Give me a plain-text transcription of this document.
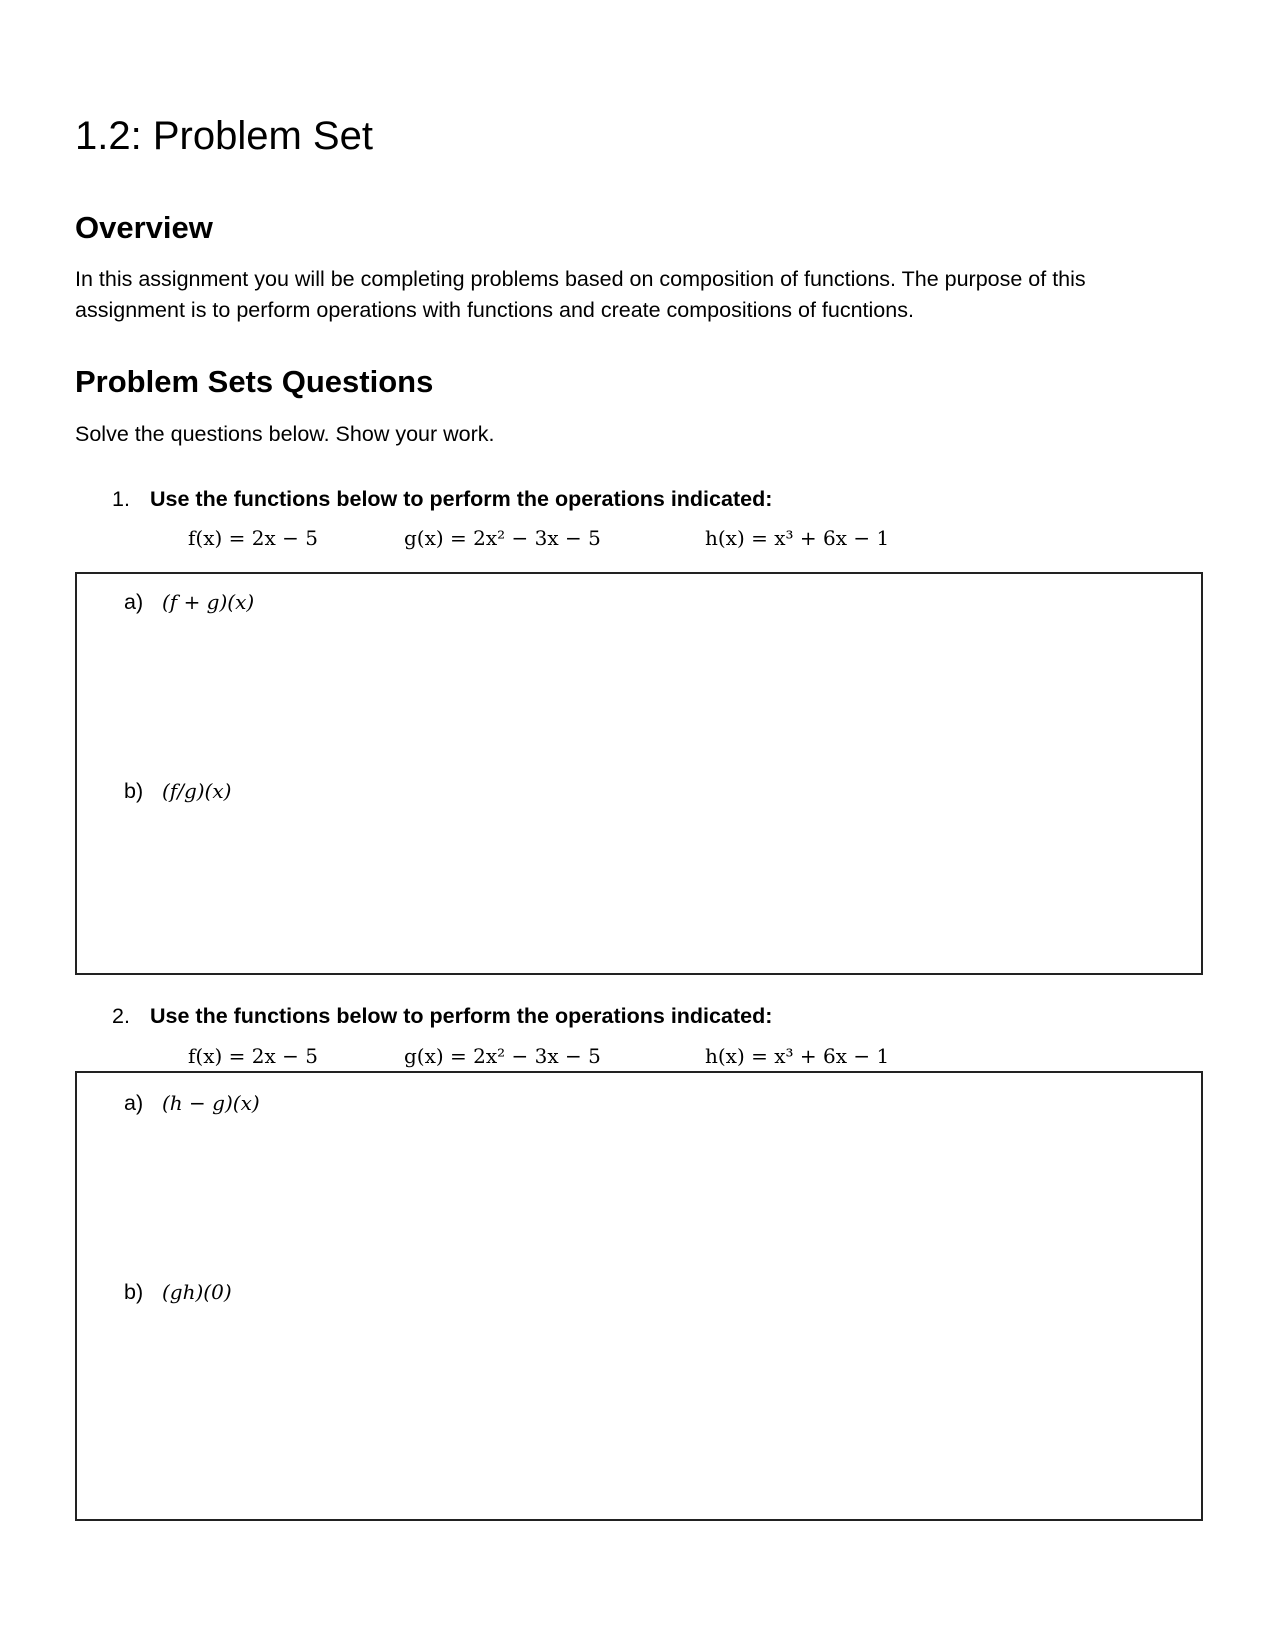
1.2: Problem Set
Overview

In this assignment you will be completing problems based on composition of functions. The purpose of this assignment is to perform operations with functions and create compositions of fucntions.

Problem Sets Questions

Solve the questions below. Show your work.

1. Use the functions below to perform the operations indicated:
f(x) = 2x − 5	g(x) = 2x² − 3x − 5	h(x) = x³ + 6x − 1
a) (f + g)(x)
b) (f/g)(x)
2. Use the functions below to perform the operations indicated:
f(x) = 2x − 5	g(x) = 2x² − 3x − 5	h(x) = x³ + 6x − 1
a) (h − g)(x)
b) (gh)(0)
